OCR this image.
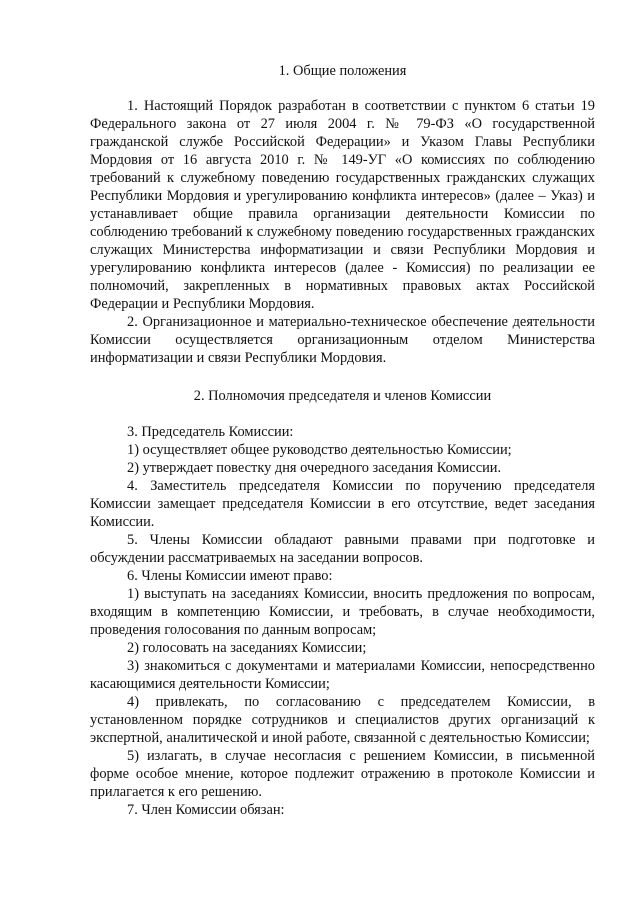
1. Общие положения

1. Настоящий Порядок разработан в соответствии с пунктом 6 статьи 19 Федерального закона от 27 июля 2004 г. № 79-ФЗ «О государственной гражданской службе Российской Федерации» и Указом Главы Республики Мордовия от 16 августа 2010 г. № 149-УГ «О комиссиях по соблюдению требований к служебному поведению государственных гражданских служащих Республики Мордовия и урегулированию конфликта интересов» (далее – Указ) и устанавливает общие правила организации деятельности Комиссии по соблюдению требований к служебному поведению государственных гражданских служащих Министерства информатизации и связи Республики Мордовия и урегулированию конфликта интересов (далее - Комиссия) по реализации ее полномочий, закрепленных в нормативных правовых актах Российской Федерации и Республики Мордовия.

2. Организационное и материально-техническое обеспечение деятельности Комиссии осуществляется организационным отделом Министерства информатизации и связи Республики Мордовия.

2. Полномочия председателя и членов Комиссии

3. Председатель Комиссии:

1) осуществляет общее руководство деятельностью Комиссии;

2) утверждает повестку дня очередного заседания Комиссии.

4. Заместитель председателя Комиссии по поручению председателя Комиссии замещает председателя Комиссии в его отсутствие, ведет заседания Комиссии.

5. Члены Комиссии обладают равными правами при подготовке и обсуждении рассматриваемых на заседании вопросов.

6. Члены Комиссии имеют право:

1) выступать на заседаниях Комиссии, вносить предложения по вопросам, входящим в компетенцию Комиссии, и требовать, в случае необходимости, проведения голосования по данным вопросам;

2) голосовать на заседаниях Комиссии;

3) знакомиться с документами и материалами Комиссии, непосредственно касающимися деятельности Комиссии;

4) привлекать, по согласованию с председателем Комиссии, в установленном порядке сотрудников и специалистов других организаций к экспертной, аналитической и иной работе, связанной с деятельностью Комиссии;

5) излагать, в случае несогласия с решением Комиссии, в письменной форме особое мнение, которое подлежит отражению в протоколе Комиссии и прилагается к его решению.

7. Член Комиссии обязан:
